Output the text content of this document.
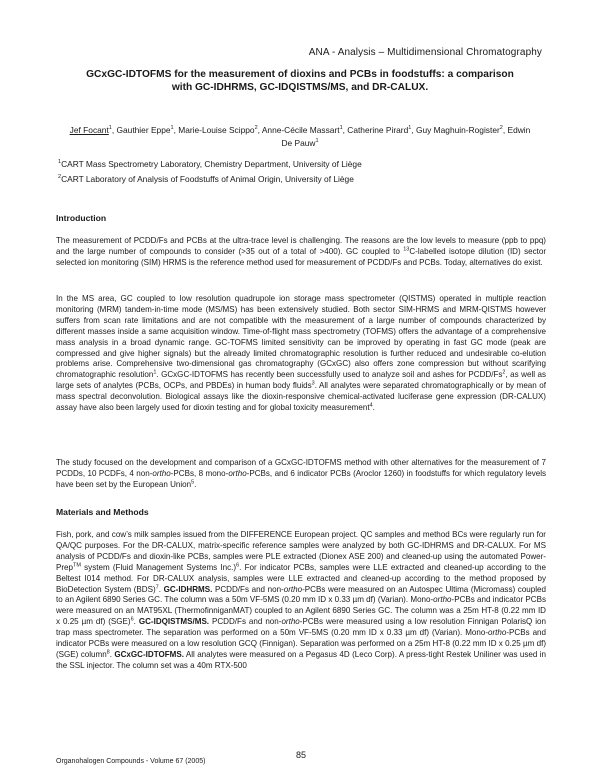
ANA - Analysis – Multidimensional Chromatography
GCxGC-IDTOFMS for the measurement of dioxins and PCBs in foodstuffs: a comparison
with GC-IDHRMS, GC-IDQISTMS/MS, and DR-CALUX.
Jef Focant$^1$, Gauthier Eppe$^1$, Marie-Louise Scippo$^2$, Anne-Cécile Massart$^1$, Catherine Pirard$^1$, Guy Maghuin-Rogister$^2$, Edwin De Pauw$^1$
$^1$CART Mass Spectrometry Laboratory, Chemistry Department, University of Liège
$^2$CART Laboratory of Analysis of Foodstuffs of Animal Origin, University of Liège
Introduction
The measurement of PCDD/Fs and PCBs at the ultra-trace level is challenging. The reasons are the low levels to measure (ppb to ppq) and the large number of compounds to consider (>35 out of a total of >400). GC coupled to $^{13}$C-labelled isotope dilution (ID) sector selected ion monitoring (SIM) HRMS is the reference method used for measurement of PCDD/Fs and PCBs. Today, alternatives do exist.
In the MS area, GC coupled to low resolution quadrupole ion storage mass spectrometer (QISTMS) operated in multiple reaction monitoring (MRM) tandem-in-time mode (MS/MS) has been extensively studied. Both sector SIM-HRMS and MRM-QISTMS however suffers from scan rate limitations and are not compatible with the measurement of a large number of compounds characterized by different masses inside a same acquisition window. Time-of-flight mass spectrometry (TOFMS) offers the advantage of a comprehensive mass analysis in a broad dynamic range. GC-TOFMS limited sensitivity can be improved by operating in fast GC mode (peak are compressed and give higher signals) but the already limited chromatographic resolution is further reduced and undesirable co-elution problems arise. Comprehensive two-dimensional gas chromatography (GCxGC) also offers zone compression but without scarifying chromatographic resolution$^1$. GCxGC-IDTOFMS has recently been successfully used to analyze soil and ashes for PCDD/Fs$^2$, as well as large sets of analytes (PCBs, OCPs, and PBDEs) in human body fluids$^3$. All analytes were separated chromatographically or by mean of mass spectral deconvolution. Biological assays like the dioxin-responsive chemical-activated luciferase gene expression (DR-CALUX) assay have also been largely used for dioxin testing and for global toxicity measurement$^4$.
The study focused on the development and comparison of a GCxGC-IDTOFMS method with other alternatives for the measurement of 7 PCDDs, 10 PCDFs, 4 non-ortho-PCBs, 8 mono-ortho-PCBs, and 6 indicator PCBs (Aroclor 1260) in foodstuffs for which regulatory levels have been set by the European Union$^5$.
Materials and Methods
Fish, pork, and cow’s milk samples issued from the DIFFERENCE European project. QC samples and method BCs were regularly run for QA/QC purposes. For the DR-CALUX, matrix-specific reference samples were analyzed by both GC-IDHRMS and DR-CALUX. For MS analysis of PCDD/Fs and dioxin-like PCBs, samples were PLE extracted (Dionex ASE 200) and cleaned-up using the automated Power-Prep™ system (Fluid Management Systems Inc.)$^6$. For indicator PCBs, samples were LLE extracted and cleaned-up according to the Beltest I014 method. For DR-CALUX analysis, samples were LLE extracted and cleaned-up according to the method proposed by BioDetection System (BDS)$^7$. GC-IDHRMS. PCDD/Fs and non-ortho-PCBs were measured on an Autospec Ultima (Micromass) coupled to an Agilent 6890 Series GC. The column was a 50m VF-5MS (0.20 mm ID x 0.33 µm df) (Varian). Mono-ortho-PCBs and indicator PCBs were measured on an MAT95XL (ThermofinniganMAT) coupled to an Agilent 6890 Series GC. The column was a 25m HT-8 (0.22 mm ID x 0.25 µm df) (SGE)$^6$. GC-IDQISTMS/MS. PCDD/Fs and non-ortho-PCBs were measured using a low resolution Finnigan PolarisQ ion trap mass spectrometer. The separation was performed on a 50m VF-5MS (0.20 mm ID x 0.33 µm df) (Varian). Mono-ortho-PCBs and indicator PCBs were measured on a low resolution GCQ (Finnigan). Separation was performed on a 25m HT-8 (0.22 mm ID x 0.25 µm df) (SGE) column$^8$. GCxGC-IDTOFMS. All analytes were measured on a Pegasus 4D (Leco Corp). A press-tight Restek Uniliner was used in the SSL injector. The column set was a 40m RTX-500
85
Organohalogen Compounds - Volume 67 (2005)
